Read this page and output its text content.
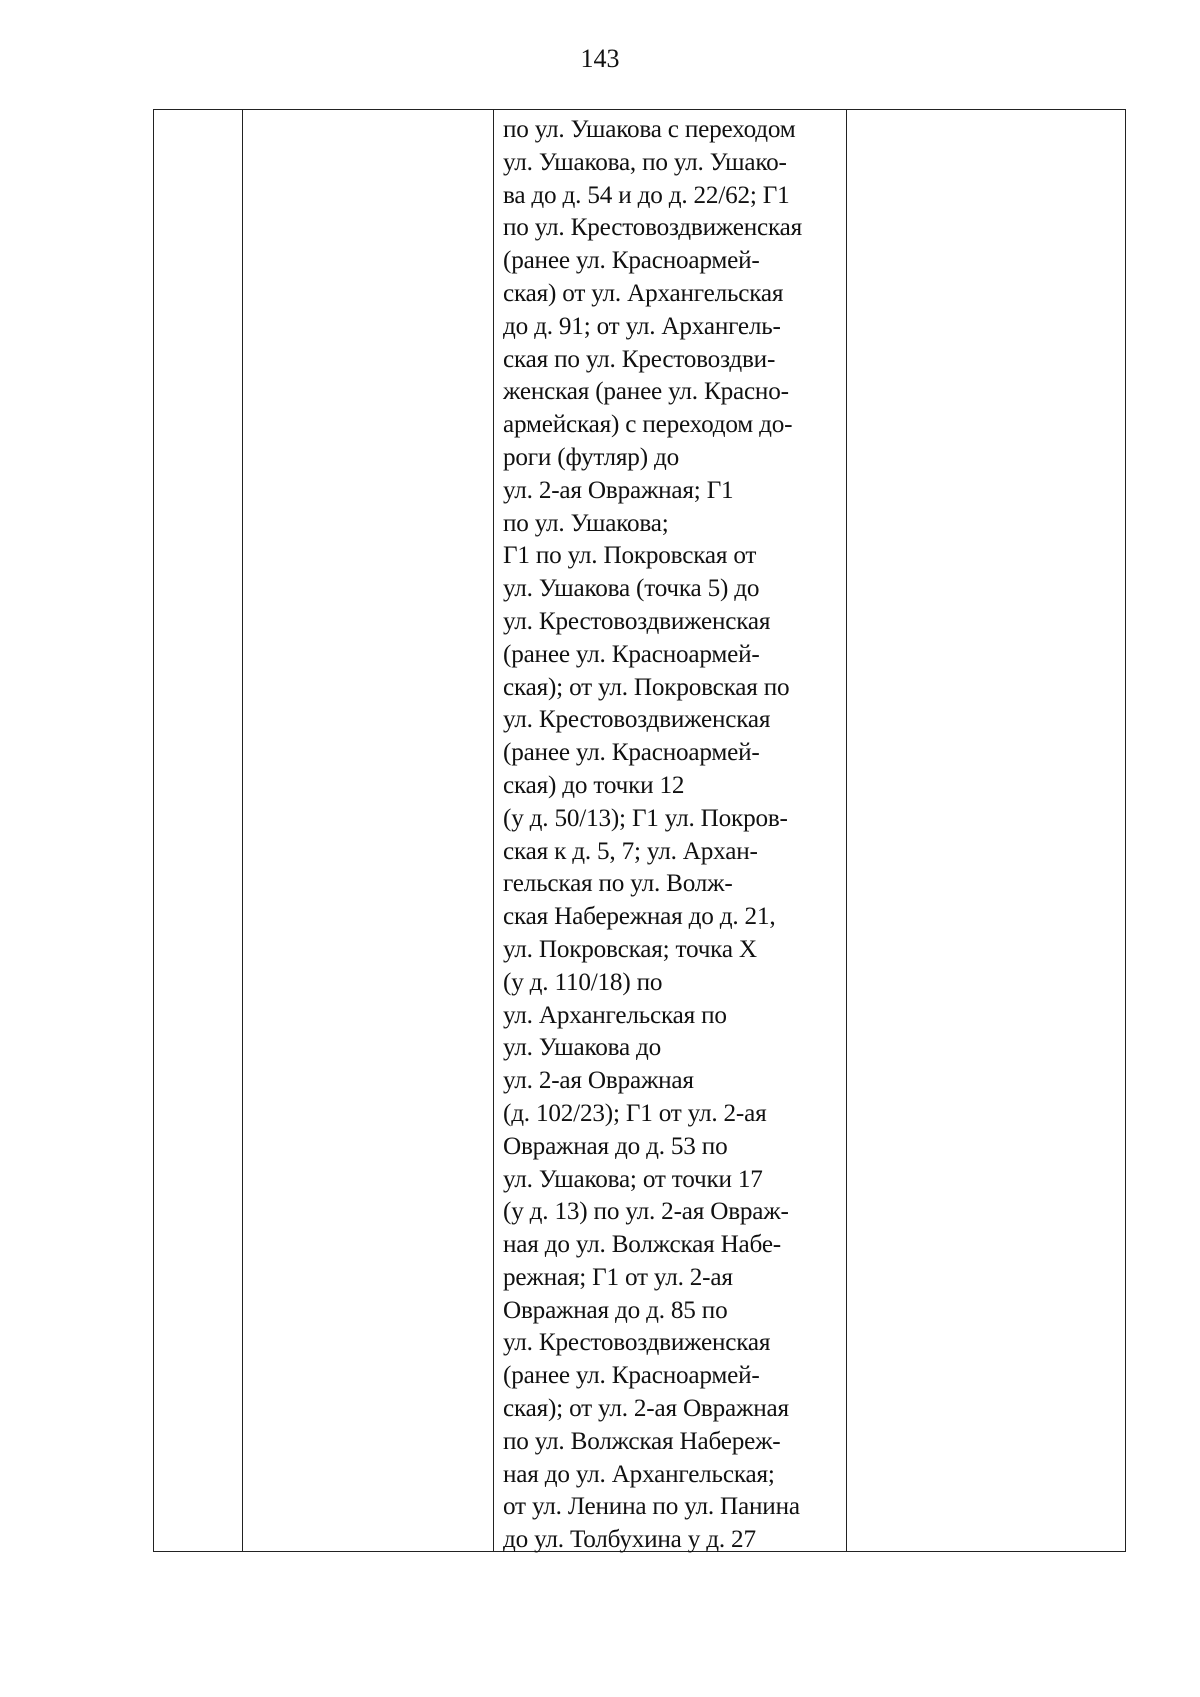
143
по ул. Ушакова с переходом
ул. Ушакова, по ул. Ушако-
ва до д. 54 и до д. 22/62; Г1
по ул. Крестовоздвиженская
(ранее ул. Красноармей-
ская) от ул. Архангельская
до д. 91; от ул. Архангель-
ская по ул. Крестовоздви-
женская (ранее ул. Красно-
армейская) с переходом до-
роги (футляр) до
ул. 2-ая Овражная; Г1
по ул. Ушакова;
Г1 по ул. Покровская от
ул. Ушакова (точка 5) до
ул. Крестовоздвиженская
(ранее ул. Красноармей-
ская); от ул. Покровская по
ул. Крестовоздвиженская
(ранее ул. Красноармей-
ская) до точки 12
(у д. 50/13); Г1 ул. Покров-
ская к д. 5, 7; ул. Архан-
гельская по ул. Волж-
ская Набережная до д. 21,
ул. Покровская; точка Х
(у д. 110/18) по
ул. Архангельская по
ул. Ушакова до
ул. 2-ая Овражная
(д. 102/23); Г1 от ул. 2-ая
Овражная до д. 53 по
ул. Ушакова; от точки 17
(у д. 13) по ул. 2-ая Овраж-
ная до ул. Волжская Набе-
режная; Г1 от ул. 2-ая
Овражная до д. 85 по
ул. Крестовоздвиженская
(ранее ул. Красноармей-
ская); от ул. 2-ая Овражная
по ул. Волжская Набереж-
ная до ул. Архангельская;
от ул. Ленина по ул. Панина
до ул. Толбухина у д. 27
